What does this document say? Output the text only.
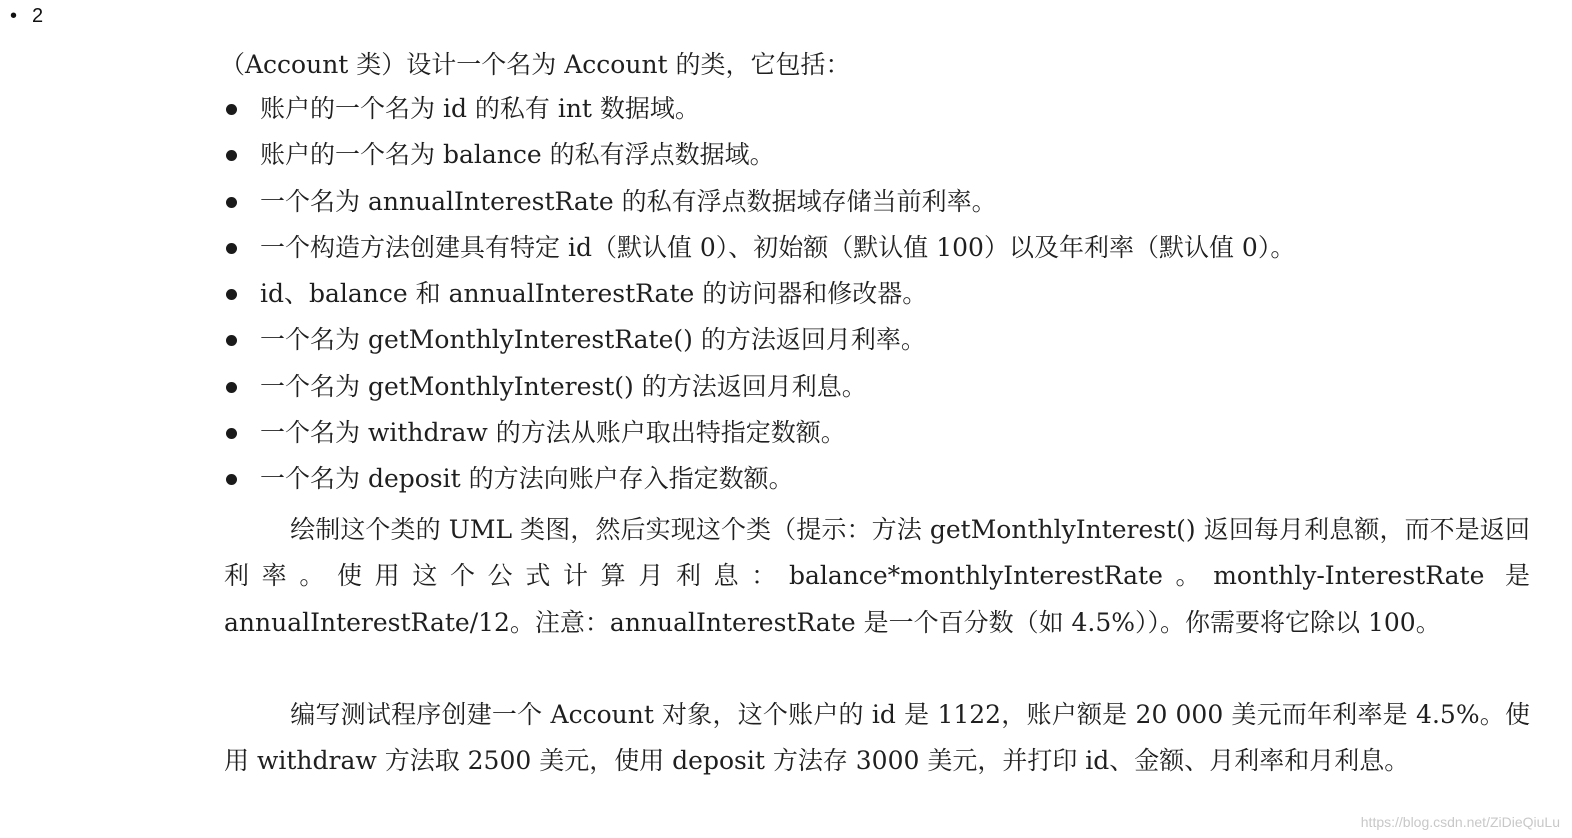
• 2
（Account 类）设计一个名为 Account 的类，它包括：
账户的一个名为 id 的私有 int 数据域。
账户的一个名为 balance 的私有浮点数据域。
一个名为 annualInterestRate 的私有浮点数据域存储当前利率。
一个构造方法创建具有特定 id（默认值 0）、初始额（默认值 100）以及年利率（默认值 0）。
id、balance 和 annualInterestRate 的访问器和修改器。
一个名为 getMonthlyInterestRate() 的方法返回月利率。
一个名为 getMonthlyInterest() 的方法返回月利息。
一个名为 withdraw 的方法从账户取出特指定数额。
一个名为 deposit 的方法向账户存入指定数额。
绘制这个类的 UML 类图，然后实现这个类（提示：方法 getMonthlyInterest() 返回每月利息额，而不是返回利率。使用这个公式计算月利息：balance*monthlyInterestRate。monthly-InterestRate 是 annualInterestRate/12。注意：annualInterestRate 是一个百分数（如 4.5%））。你需要将它除以 100。
编写测试程序创建一个 Account 对象，这个账户的 id 是 1122，账户额是 20 000 美元而年利率是 4.5%。使用 withdraw 方法取 2500 美元，使用 deposit 方法存 3000 美元，并打印 id、金额、月利率和月利息。
https://blog.csdn.net/ZiDieQiuLu
